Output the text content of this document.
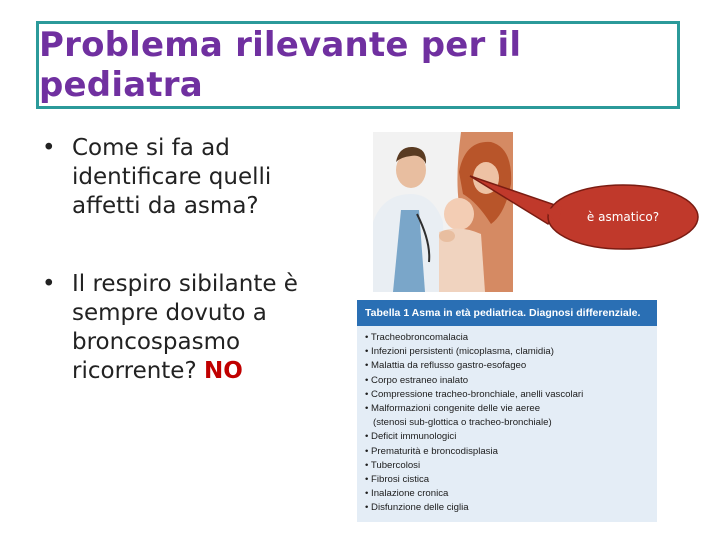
Problema rilevante per il pediatra
• Come si fa ad identificare quelli affetti da asma?
• Il respiro sibilante è sempre dovuto a broncospasmo ricorrente? NO
è asmatico?
Tabella 1 Asma in età pediatrica. Diagnosi differenziale.
• Tracheobroncomalacia
• Infezioni persistenti (micoplasma, clamidia)
• Malattia da reflusso gastro-esofageo
• Corpo estraneo inalato
• Compressione tracheo-bronchiale, anelli vascolari
• Malformazioni congenite delle vie aeree
(stenosi sub-glottica o tracheo-bronchiale)
• Deficit immunologici
• Prematurità e broncodisplasia
• Tubercolosi
• Fibrosi cistica
• Inalazione cronica
• Disfunzione delle ciglia
